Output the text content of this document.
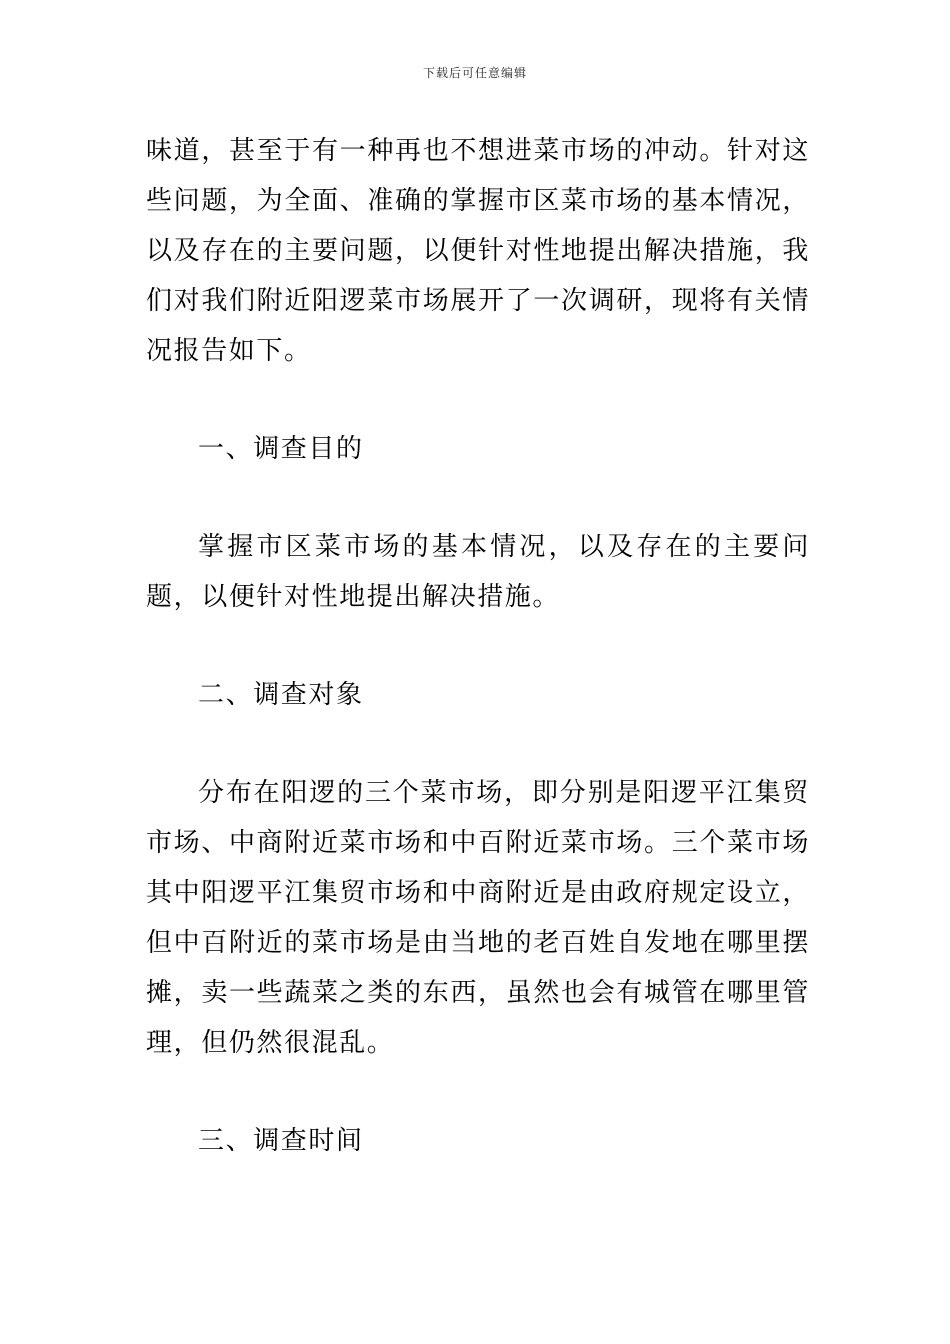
下载后可任意编辑

味道，甚至于有一种再也不想进菜市场的冲动。针对这些问题，为全面、准确的掌握市区菜市场的基本情况，以及存在的主要问题，以便针对性地提出解决措施，我们对我们附近阳逻菜市场展开了一次调研，现将有关情况报告如下。

一、调查目的

掌握市区菜市场的基本情况，以及存在的主要问题，以便针对性地提出解决措施。

二、调查对象

分布在阳逻的三个菜市场，即分别是阳逻平江集贸市场、中商附近菜市场和中百附近菜市场。三个菜市场其中阳逻平江集贸市场和中商附近是由政府规定设立，但中百附近的菜市场是由当地的老百姓自发地在哪里摆摊，卖一些蔬菜之类的东西，虽然也会有城管在哪里管理，但仍然很混乱。

三、调查时间
